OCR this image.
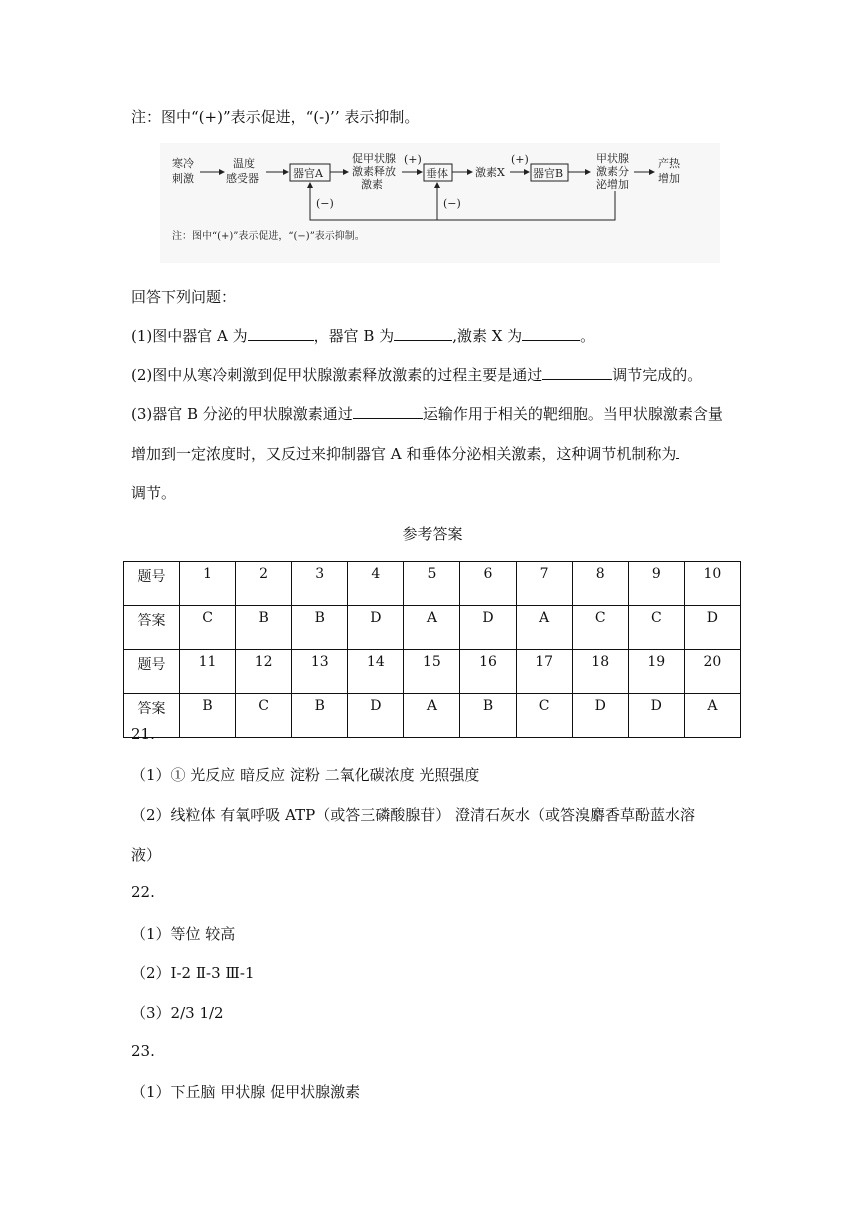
注：图中“(+)”表示促进，“(-)’’ 表示抑制。
寒冷
刺激
温度
感受器	器官A
促甲状腺
激素释放
激素
(+)
垂体 激素X
(+)
器官B
甲状腺
激素分
泌增加
产热
增加
(−)	(−)
注：图中“(+)”表示促进，“(−)”表示抑制。
回答下列问题：
(1)图中器官 A 为	，器官 B 为	,激素 X 为	。
(2)图中从寒冷刺激到促甲状腺激素释放激素的过程主要是通过	调节完成的。
(3)器官 B 分泌的甲状腺激素通过	运输作用于相关的靶细胞。当甲状腺激素含量
增加到一定浓度时，又反过来抑制器官 A 和垂体分泌相关激素，这种调节机制称为
调节。
参考答案
题号	1	2	3	4	5	6	7	8	9	10
答案	C	B	B	D	A	D	A	C	C	D
题号	11	12	13	14	15	16	17	18	19	20
答案	B	C	B	D	A	B	C	D	D	A
21.
（1）① 光反应 暗反应 淀粉 二氧化碳浓度 光照强度
（2）线粒体 有氧呼吸 ATP（或答三磷酸腺苷） 澄清石灰水（或答溴麝香草酚蓝水溶
液）
22.
（1）等位 较高
（2）Ⅰ-2 Ⅱ-3 Ⅲ-1
（3）2/3 1/2
23.
（1）下丘脑 甲状腺 促甲状腺激素
